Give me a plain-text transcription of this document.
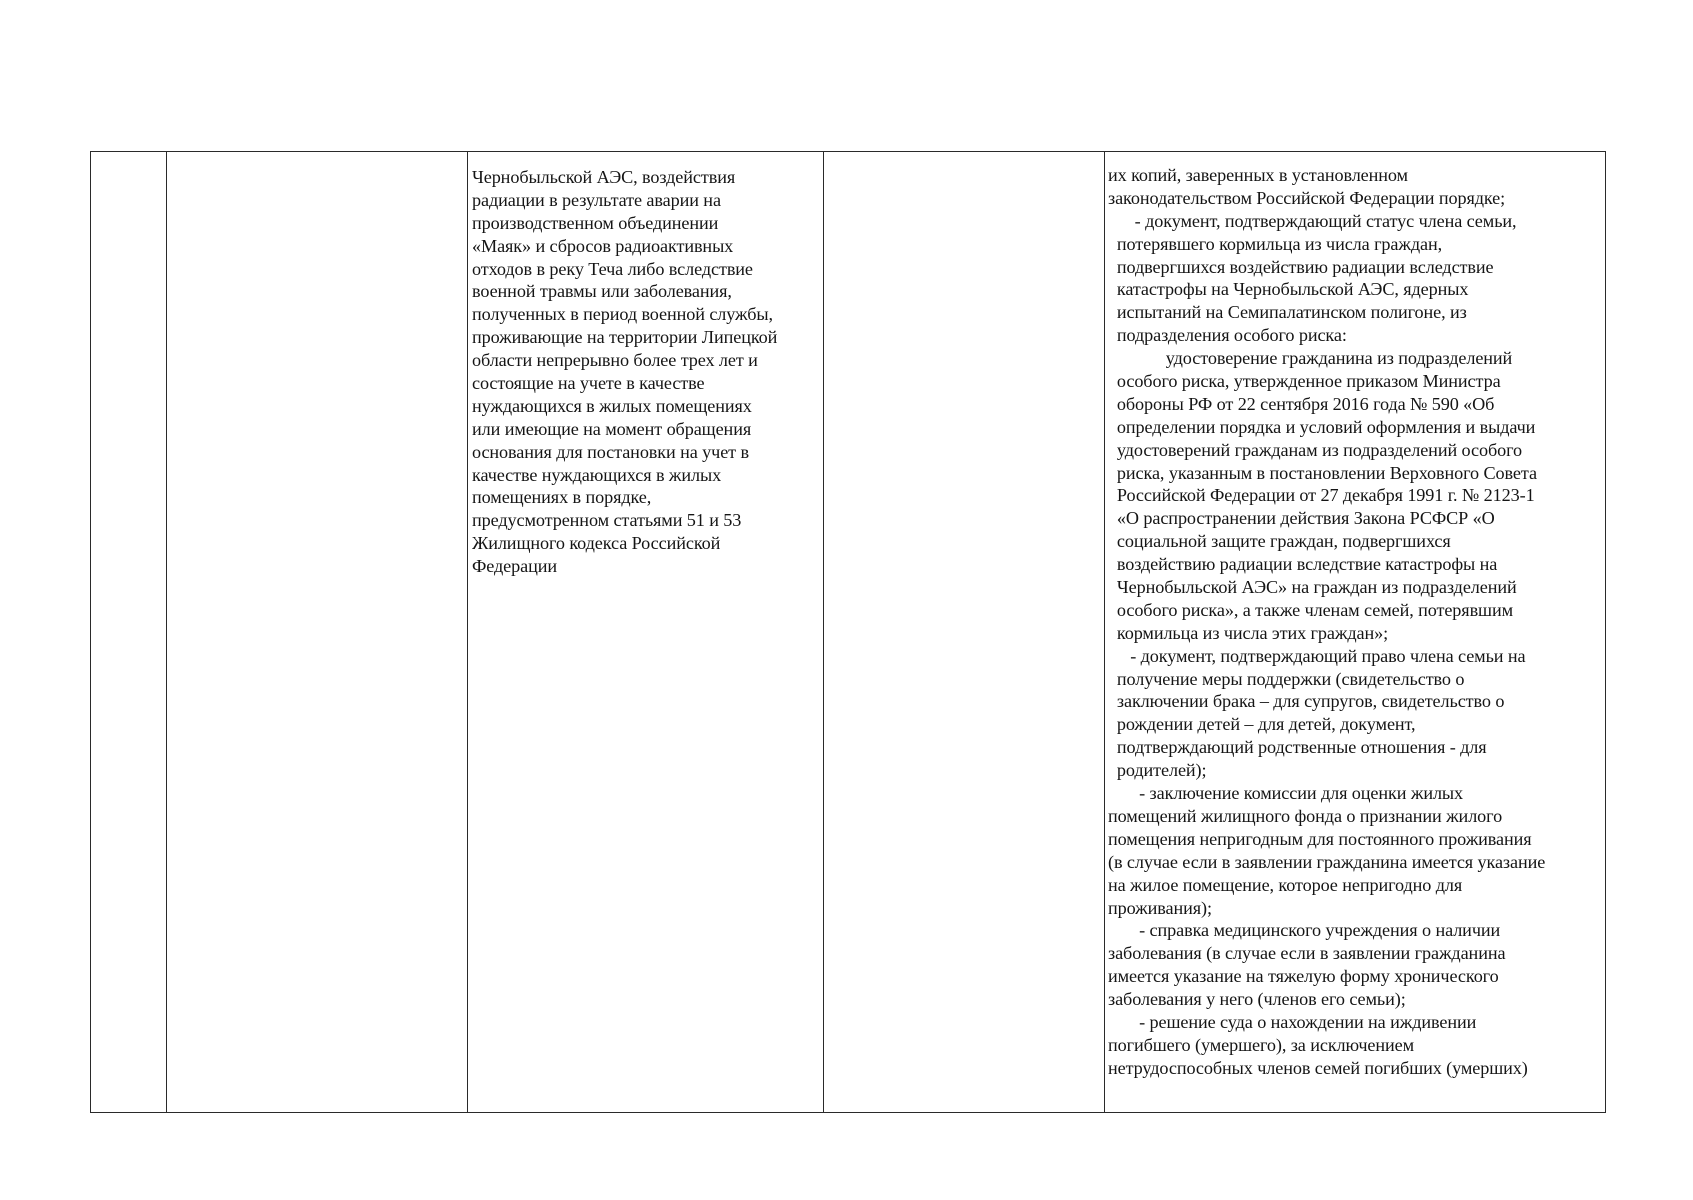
Чернобыльской АЭС, воздействия
радиации в результате аварии на
производственном объединении
«Маяк» и сбросов радиоактивных
отходов в реку Теча либо вследствие
военной травмы или заболевания,
полученных в период военной службы,
проживающие на территории Липецкой
области непрерывно более трех лет и
состоящие на учете в качестве
нуждающихся в жилых помещениях
или имеющие на момент обращения
основания для постановки на учет в
качестве нуждающихся в жилых
помещениях в порядке,
предусмотренном статьями 51 и 53
Жилищного кодекса Российской
Федерации
их копий, заверенных в установленном
законодательством Российской Федерации порядке;
- документ, подтверждающий статус члена семьи,
потерявшего кормильца из числа граждан,
подвергшихся воздействию радиации вследствие
катастрофы на Чернобыльской АЭС, ядерных
испытаний на Семипалатинском полигоне, из
подразделения особого риска:
удостоверение гражданина из подразделений
особого риска, утвержденное приказом Министра
обороны РФ от 22 сентября 2016 года № 590 «Об
определении порядка и условий оформления и выдачи
удостоверений гражданам из подразделений особого
риска, указанным в постановлении Верховного Совета
Российской Федерации от 27 декабря 1991 г. № 2123-1
«О распространении действия Закона РСФСР «О
социальной защите граждан, подвергшихся
воздействию радиации вследствие катастрофы на
Чернобыльской АЭС» на граждан из подразделений
особого риска», а также членам семей, потерявшим
кормильца из числа этих граждан»;
- документ, подтверждающий право члена семьи на
получение меры поддержки (свидетельство о
заключении брака – для супругов, свидетельство о
рождении детей – для детей, документ,
подтверждающий родственные отношения - для
родителей);
- заключение комиссии для оценки жилых
помещений жилищного фонда о признании жилого
помещения непригодным для постоянного проживания
(в случае если в заявлении гражданина имеется указание
на жилое помещение, которое непригодно для
проживания);
- справка медицинского учреждения о наличии
заболевания (в случае если в заявлении гражданина
имеется указание на тяжелую форму хронического
заболевания у него (членов его семьи);
- решение суда о нахождении на иждивении
погибшего (умершего), за исключением
нетрудоспособных членов семей погибших (умерших)
